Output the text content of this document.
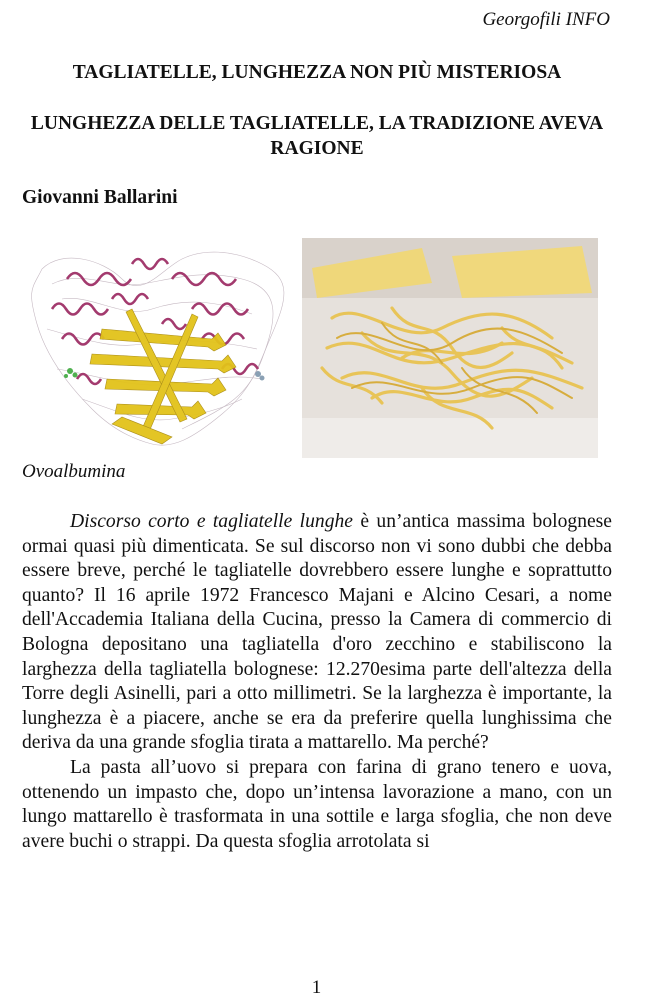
Georgofili INFO
TAGLIATELLE, LUNGHEZZA NON PIÙ MISTERIOSA
LUNGHEZZA DELLE TAGLIATELLE, LA TRADIZIONE AVEVA RAGIONE
Giovanni Ballarini
Ovoalbumina

Discorso corto e tagliatelle lunghe è un’antica massima bolognese ormai quasi più dimenticata. Se sul discorso non vi sono dubbi che debba essere breve, perché le tagliatelle dovrebbero essere lunghe e soprattutto quanto? Il 16 aprile 1972 Francesco Majani e Alcino Cesari, a nome dell'Accademia Italiana della Cucina, presso la Camera di commercio di Bologna depositano una tagliatella d'oro zecchino e stabiliscono la larghezza della tagliatella bolognese: 12.270esima parte dell'altezza della Torre degli Asinelli, pari a otto millimetri. Se la larghezza è importante, la lunghezza è a piacere, anche se era da preferire quella lunghissima che deriva da una grande sfoglia tirata a mattarello. Ma perché?

La pasta all’uovo si prepara con farina di grano tenero e uova, ottenendo un impasto che, dopo un’intensa lavorazione a mano, con un lungo mattarello è trasformata in una sottile e larga sfoglia, che non deve avere buchi o strappi. Da questa sfoglia arrotolata si

1
